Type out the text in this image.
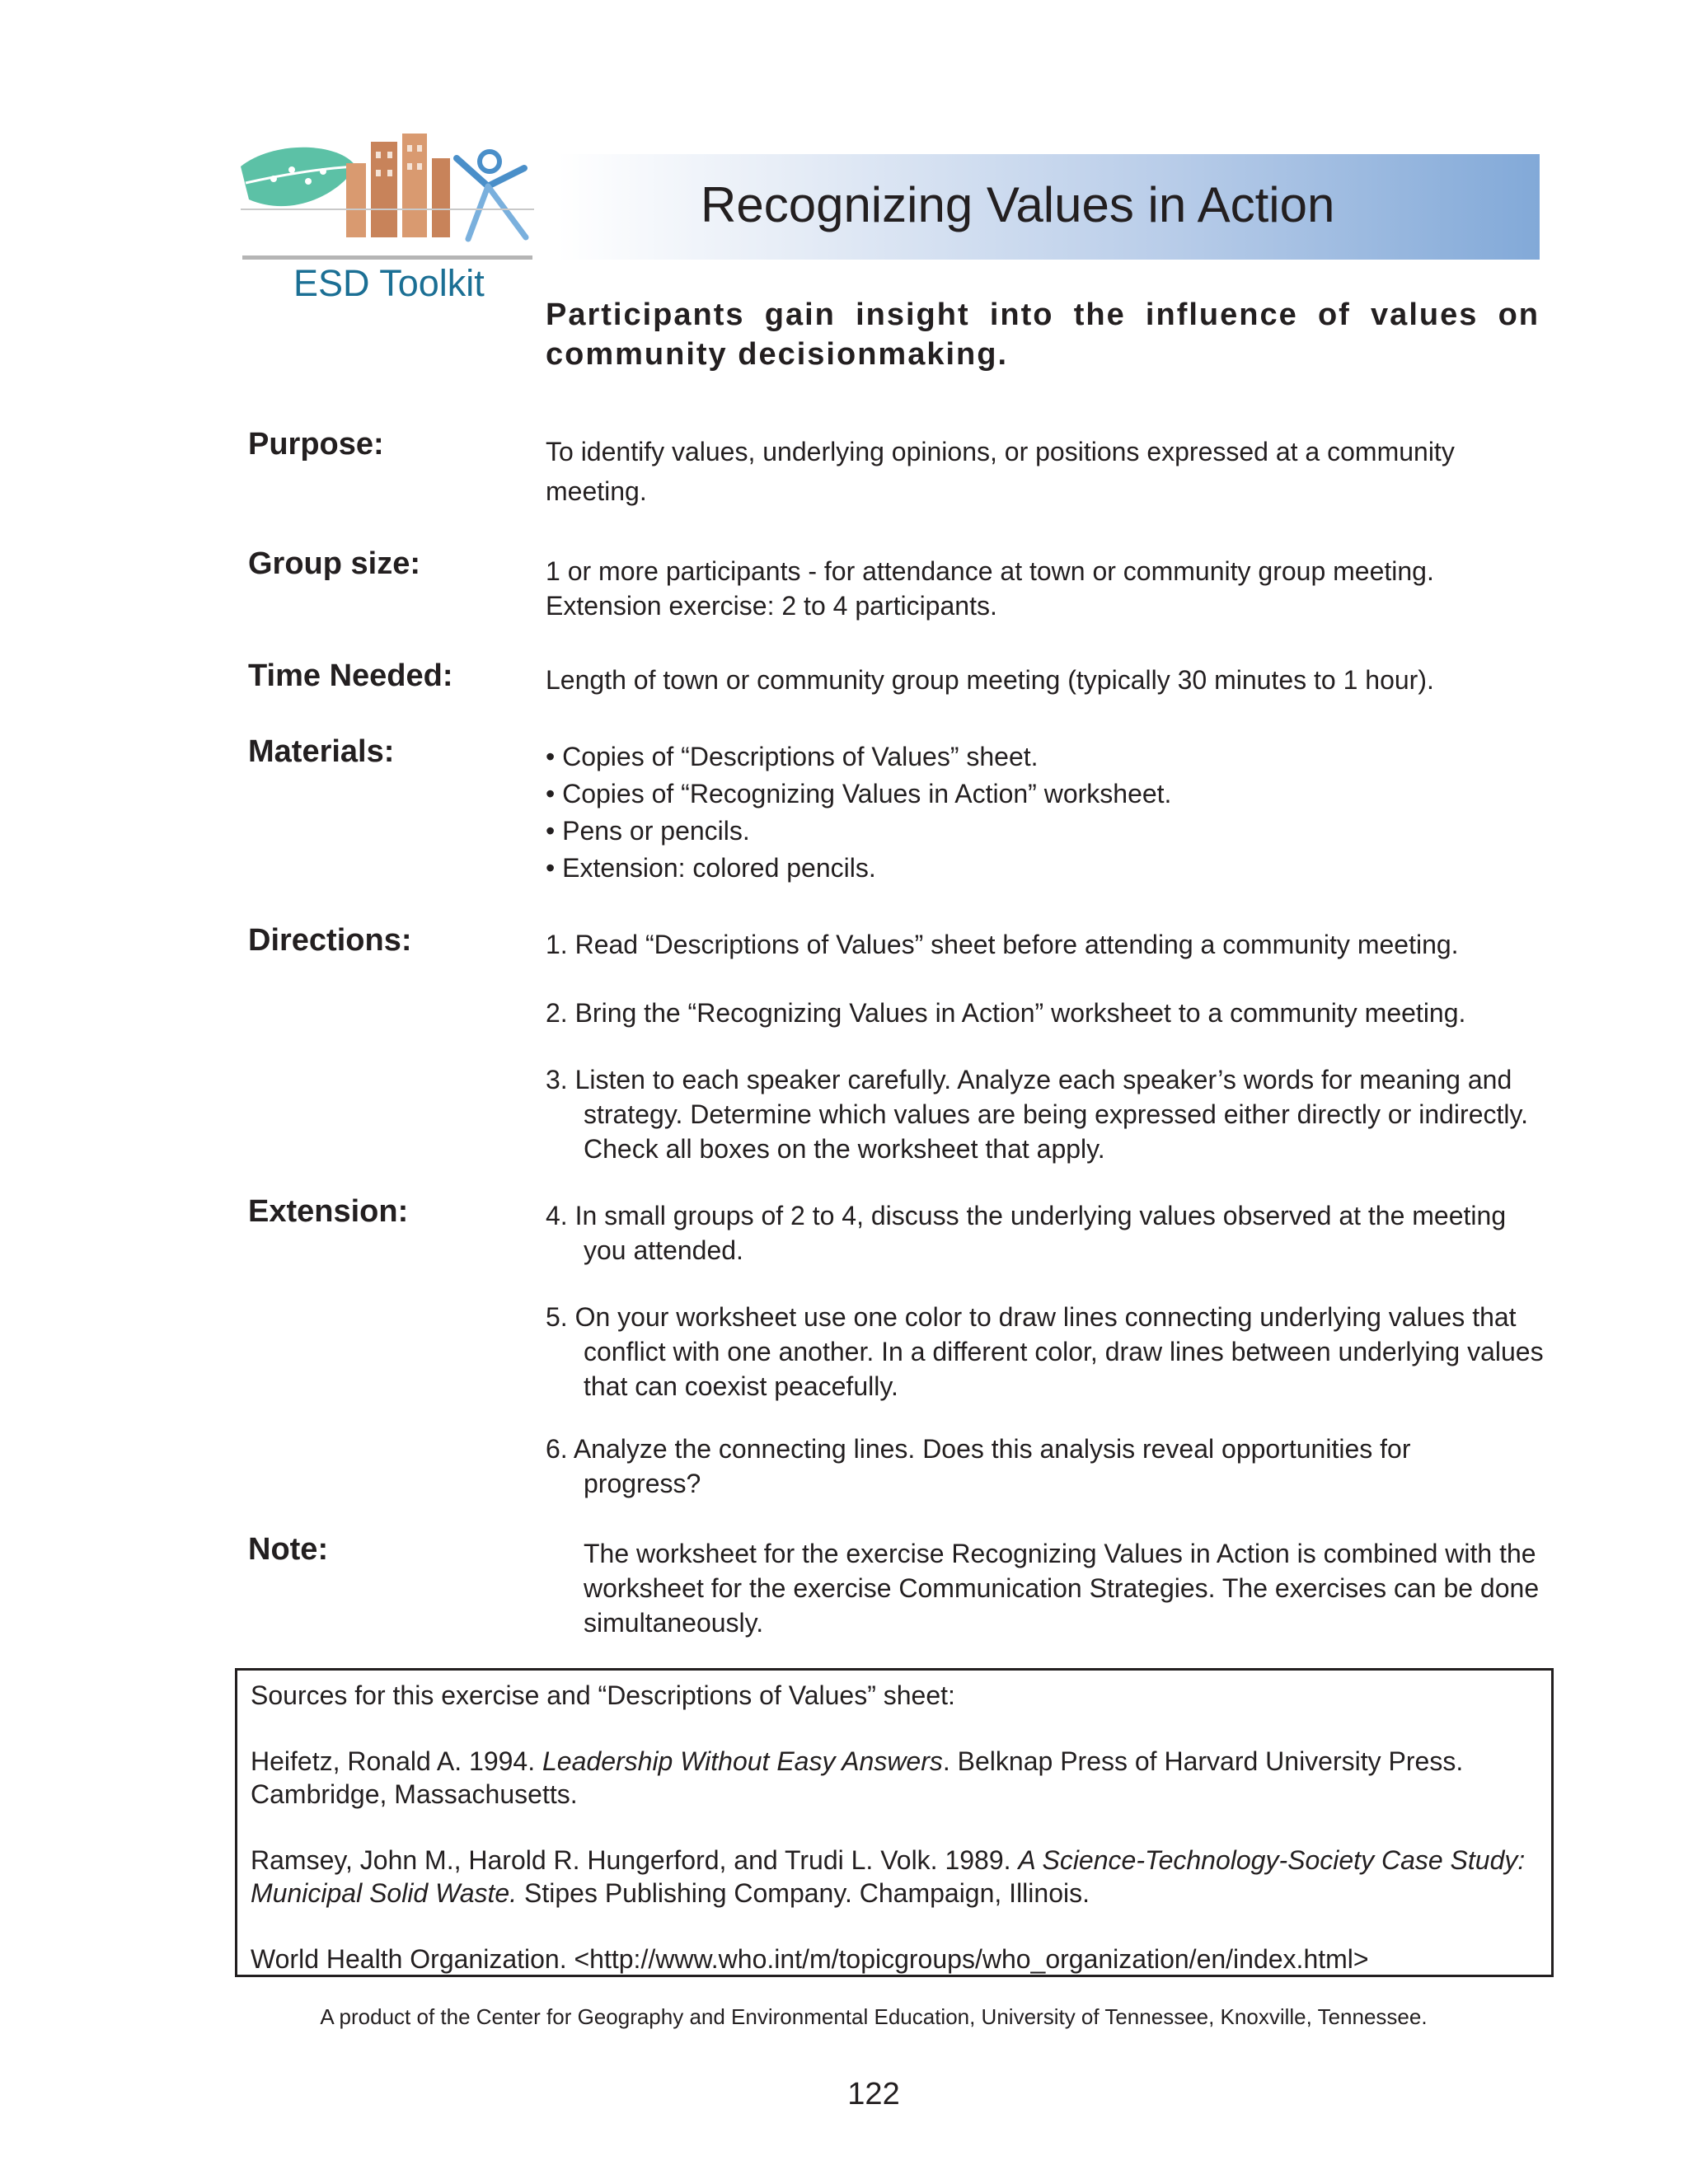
ESD Toolkit
Recognizing Values in Action
Participants gain insight into the influence of values on community decisionmaking.
Purpose:	To identify values, underlying opinions, or positions expressed at a community meeting.
Group size:	1 or more participants - for attendance at town or community group meeting.

Extension exercise: 2 to 4 participants.

Time Needed:	Length of town or community group meeting (typically 30 minutes to 1 hour).
Materials:	• Copies of “Descriptions of Values” sheet.

• Copies of “Recognizing Values in Action” worksheet.

• Pens or pencils.

• Extension: colored pencils.

Directions:	1. Read “Descriptions of Values” sheet before attending a community meeting.
2. Bring the “Recognizing Values in Action” worksheet to a community meeting.
3. Listen to each speaker carefully. Analyze each speaker’s words for meaning and strategy. Determine which values are being expressed either directly or indirectly. Check all boxes on the worksheet that apply.
Extension:	4. In small groups of 2 to 4, discuss the underlying values observed at the meeting you attended.
5. On your worksheet use one color to draw lines connecting underlying values that conflict with one another. In a different color, draw lines between underlying values that can coexist peacefully.
6. Analyze the connecting lines. Does this analysis reveal opportunities for progress?
Note:	The worksheet for the exercise Recognizing Values in Action is combined with the worksheet for the exercise Communication Strategies. The exercises can be done simultaneously.

Sources for this exercise and “Descriptions of Values” sheet:

Heifetz, Ronald A. 1994. Leadership Without Easy Answers. Belknap Press of Harvard University Press. Cambridge, Massachusetts.

Ramsey, John M., Harold R. Hungerford, and Trudi L. Volk. 1989. A Science-Technology-Society Case Study: Municipal Solid Waste. Stipes Publishing Company. Champaign, Illinois.

World Health Organization. <http://www.who.int/m/topicgroups/who_organization/en/index.html>

A product of the Center for Geography and Environmental Education, University of Tennessee, Knoxville, Tennessee.
122
